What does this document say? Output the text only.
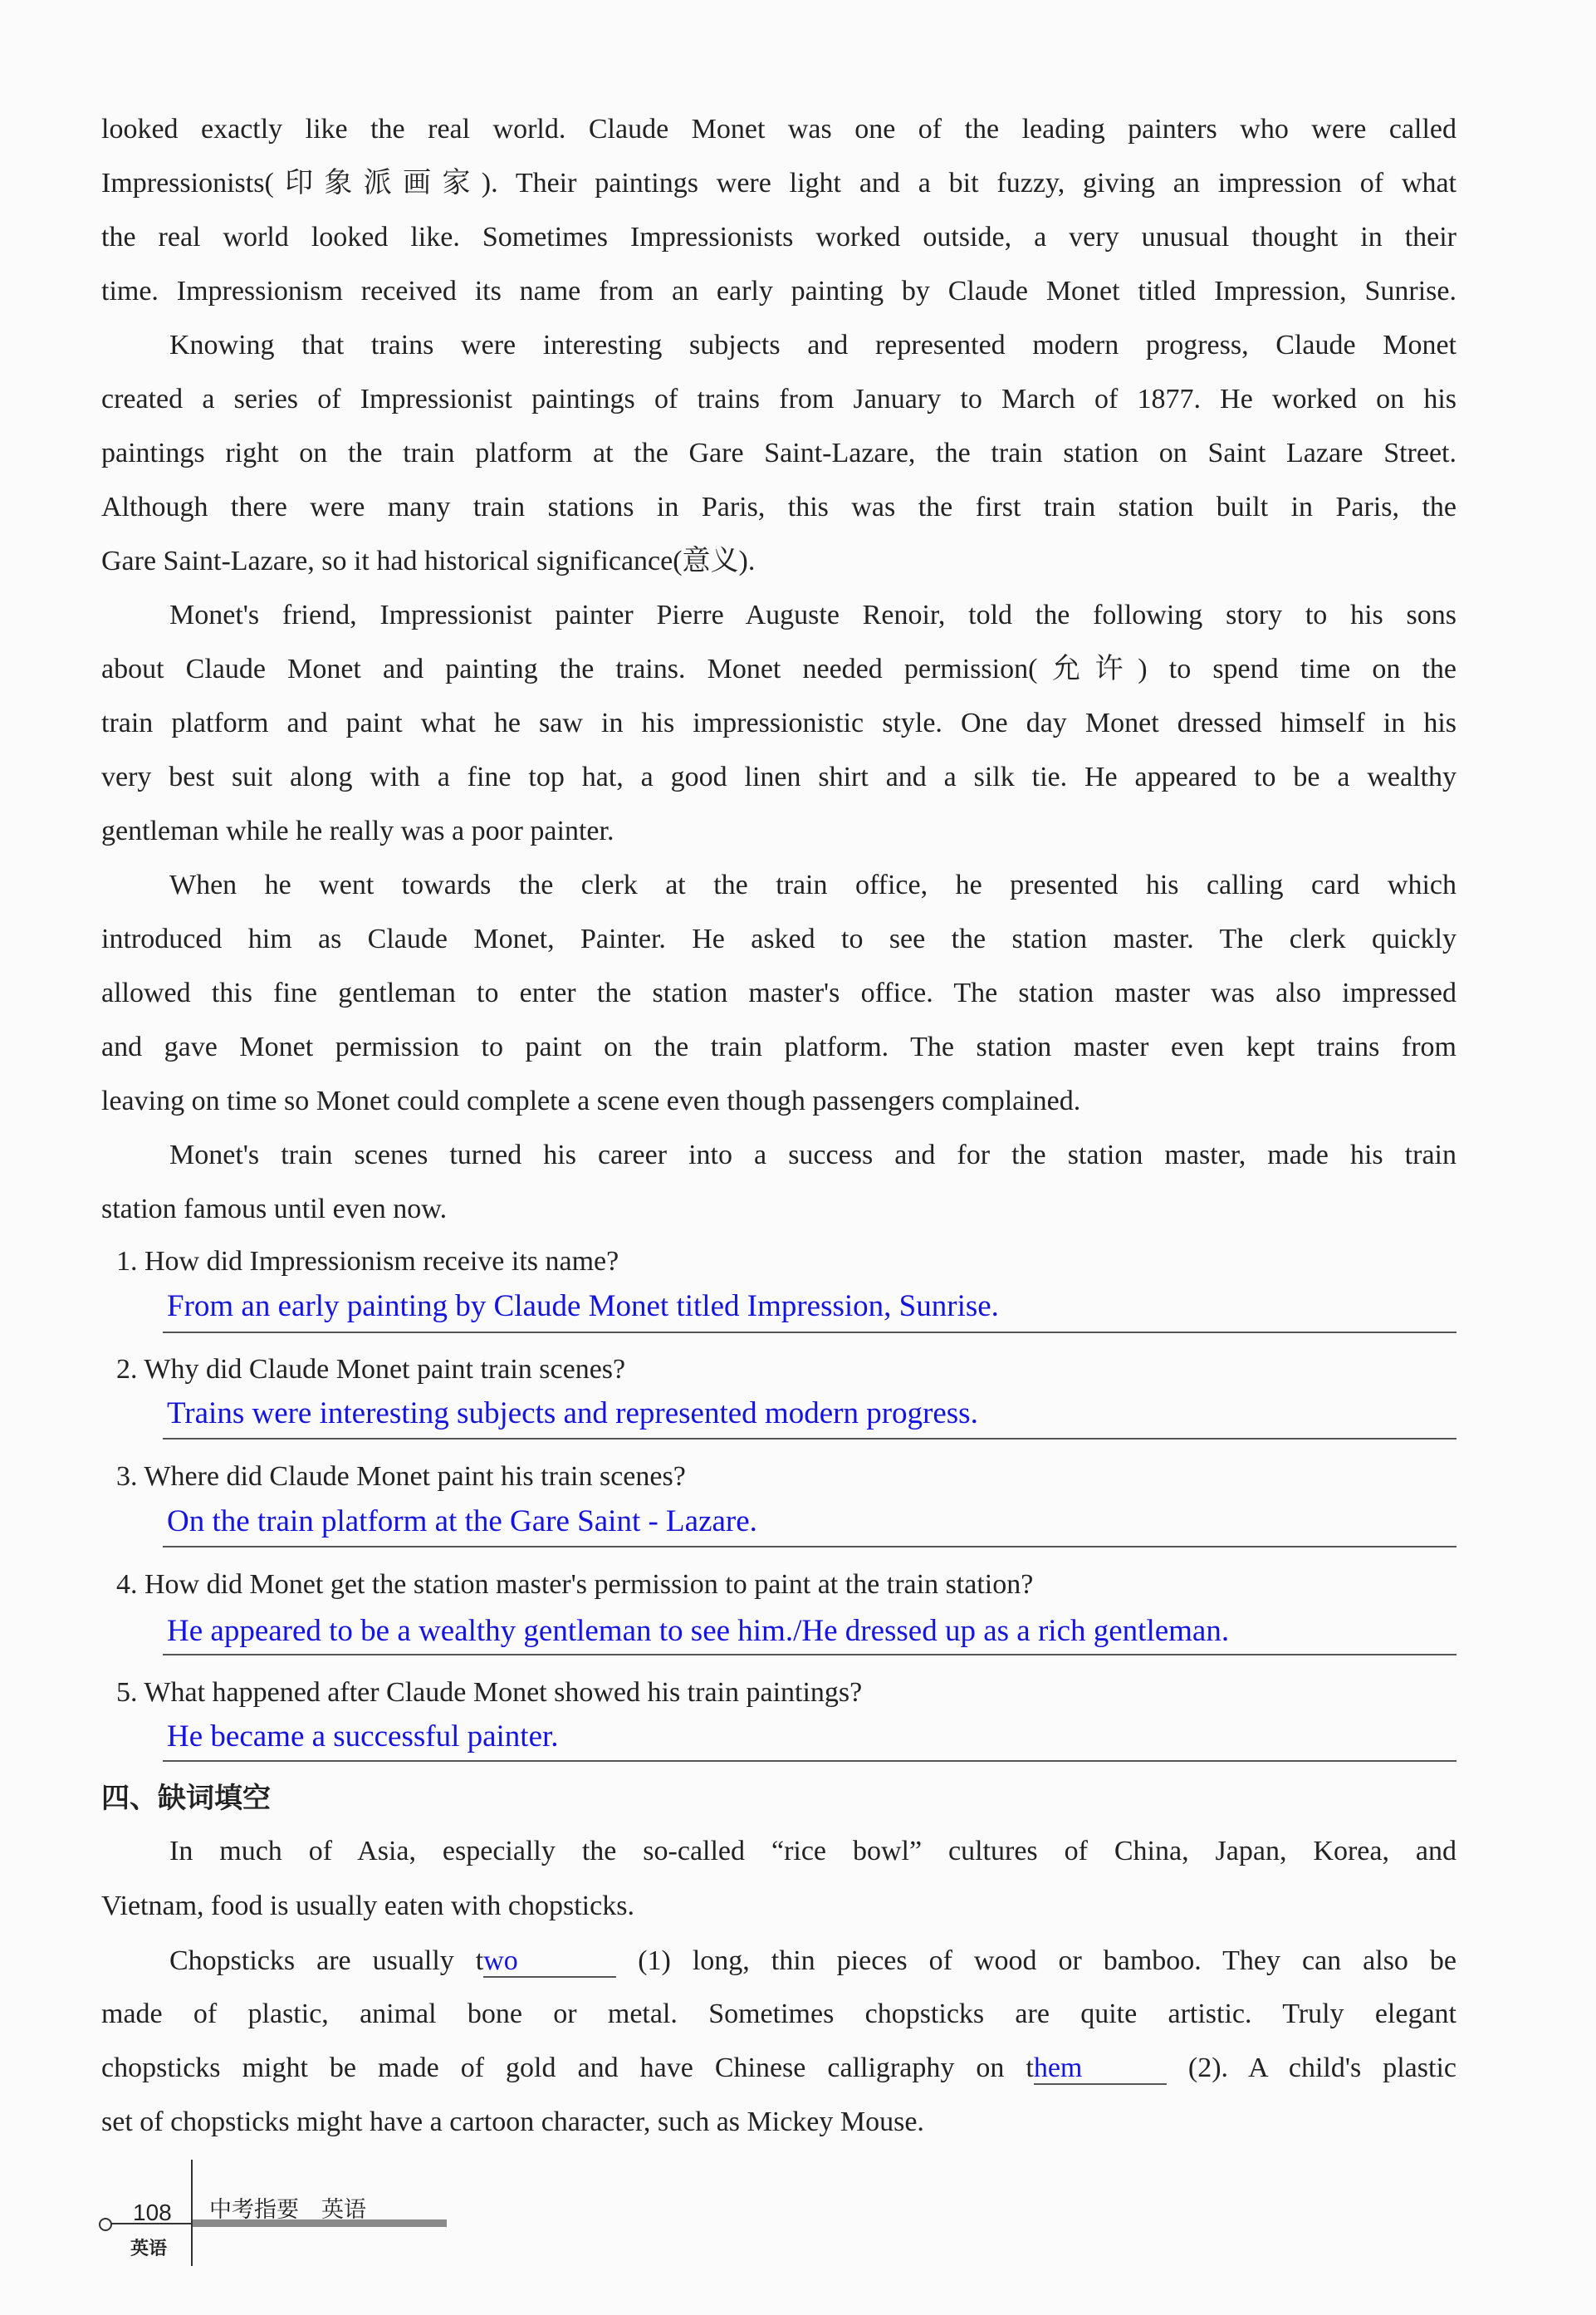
looked exactly like the real world. Claude Monet was one of the leading painters who were called
Impressionists(印象派画家). Their paintings were light and a bit fuzzy, giving an impression of what
the real world looked like. Sometimes Impressionists worked outside, a very unusual thought in their
time. Impressionism received its name from an early painting by Claude Monet titled Impression, Sunrise.
Knowing that trains were interesting subjects and represented modern progress, Claude Monet
created a series of Impressionist paintings of trains from January to March of 1877. He worked on his
paintings right on the train platform at the Gare Saint-Lazare, the train station on Saint Lazare Street.
Although there were many train stations in Paris, this was the first train station built in Paris, the
Gare Saint-Lazare, so it had historical significance(意义).
Monet's friend, Impressionist painter Pierre Auguste Renoir, told the following story to his sons
about Claude Monet and painting the trains. Monet needed permission(允许) to spend time on the
train platform and paint what he saw in his impressionistic style. One day Monet dressed himself in his
very best suit along with a fine top hat, a good linen shirt and a silk tie. He appeared to be a wealthy
gentleman while he really was a poor painter.
When he went towards the clerk at the train office, he presented his calling card which
introduced him as Claude Monet, Painter. He asked to see the station master. The clerk quickly
allowed this fine gentleman to enter the station master's office. The station master was also impressed
and gave Monet permission to paint on the train platform. The station master even kept trains from
leaving on time so Monet could complete a scene even though passengers complained.
Monet's train scenes turned his career into a success and for the station master, made his train
station famous until even now.
1. How did Impressionism receive its name?
From an early painting by Claude Monet titled Impression, Sunrise.
2. Why did Claude Monet paint train scenes?
Trains were interesting subjects and represented modern progress.
3. Where did Claude Monet paint his train scenes?
On the train platform at the Gare Saint - Lazare.
4. How did Monet get the station master's permission to paint at the train station?
He appeared to be a wealthy gentleman to see him./He dressed up as a rich gentleman.
5. What happened after Claude Monet showed his train paintings?
He became a successful painter.
四、缺词填空
In much of Asia, especially the so-called “rice bowl” cultures of China, Japan, Korea, and
Vietnam, food is usually eaten with chopsticks.
Chopsticks are usually two	(1) long, thin pieces of wood or bamboo. They can also be
made of plastic, animal bone or metal. Sometimes chopsticks are quite artistic. Truly elegant
chopsticks might be made of gold and have Chinese calligraphy on them	(2). A child's plastic
set of chopsticks might have a cartoon character, such as Mickey Mouse.
108
英语
中考指要　英语
